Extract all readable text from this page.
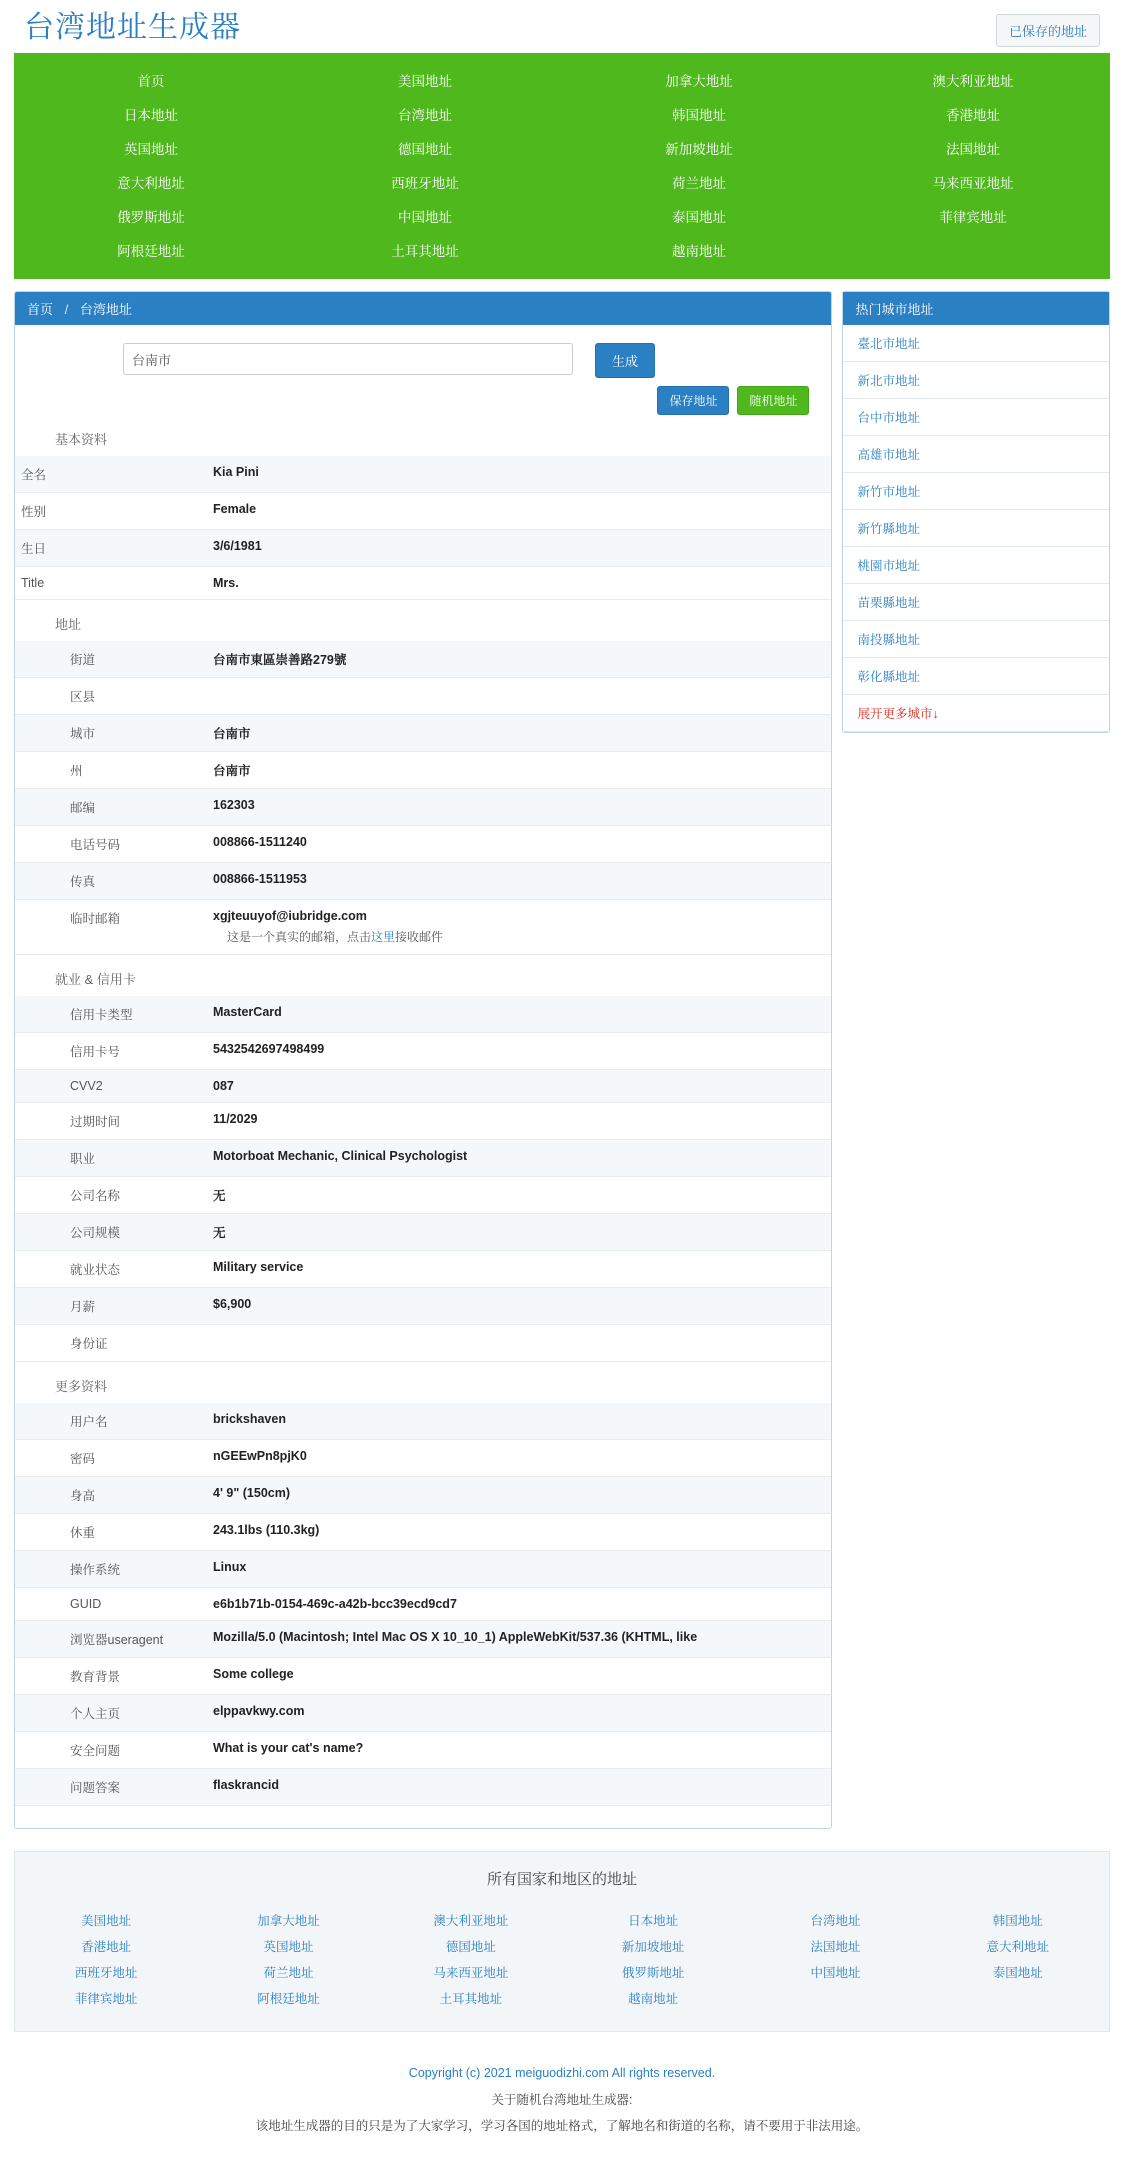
台湾地址生成器	已保存的地址
首页	美国地址	加拿大地址	澳大利亚地址
日本地址	台湾地址	韩国地址	香港地址
英国地址	德国地址	新加坡地址	法国地址
意大利地址	西班牙地址	荷兰地址	马来西亚地址
俄罗斯地址	中国地址	泰国地址	菲律宾地址
阿根廷地址	土耳其地址	越南地址
首页 / 台湾地址
台南市
生成
保存地址	随机地址
基本资料
全名	Kia Pini
性别	Female
生日	3/6/1981
Title	Mrs.
地址
街道	台南市東區崇善路279號
区县	
城市	台南市
州	台南市
邮编	162303
电话号码	008866-1511240
传真	008866-1511953
临时邮箱	xgjteuuyof@iubridge.com
这是一个真实的邮箱，点击这里接收邮件
就业 & 信用卡
信用卡类型	MasterCard
信用卡号	5432542697498499
CVV2	087
过期时间	11/2029
职业	Motorboat Mechanic, Clinical Psychologist
公司名称	无
公司规模	无
就业状态	Military service
月薪	$6,900
身份证	
更多资料
用户名	brickshaven
密码	nGEEwPn8pjK0
身高	4' 9" (150cm)
休重	243.1lbs (110.3kg)
操作系统	Linux
GUID	e6b1b71b-0154-469c-a42b-bcc39ecd9cd7
浏览器useragent	Mozilla/5.0 (Macintosh; Intel Mac OS X 10_10_1) AppleWebKit/537.36 (KHTML, like

教育背景	Some college
个人主页	elppavkwy.com
安全问题	What is your cat's name?
问题答案	flaskrancid
热门城市地址
臺北市地址
新北市地址
台中市地址
高雄市地址
新竹市地址
新竹縣地址
桃園市地址
苗栗縣地址
南投縣地址
彰化縣地址
展开更多城市↓
所有国家和地区的地址
美国地址	加拿大地址	澳大利亚地址	日本地址	台湾地址	韩国地址
香港地址	英国地址	德国地址	新加坡地址	法国地址	意大利地址
西班牙地址	荷兰地址	马来西亚地址	俄罗斯地址	中国地址	泰国地址
菲律宾地址	阿根廷地址	土耳其地址	越南地址
Copyright (c) 2021 meiguodizhi.com All rights reserved.
关于随机台湾地址生成器:

该地址生成器的目的只是为了大家学习，学习各国的地址格式，了解地名和街道的名称，请不要用于非法用途。
